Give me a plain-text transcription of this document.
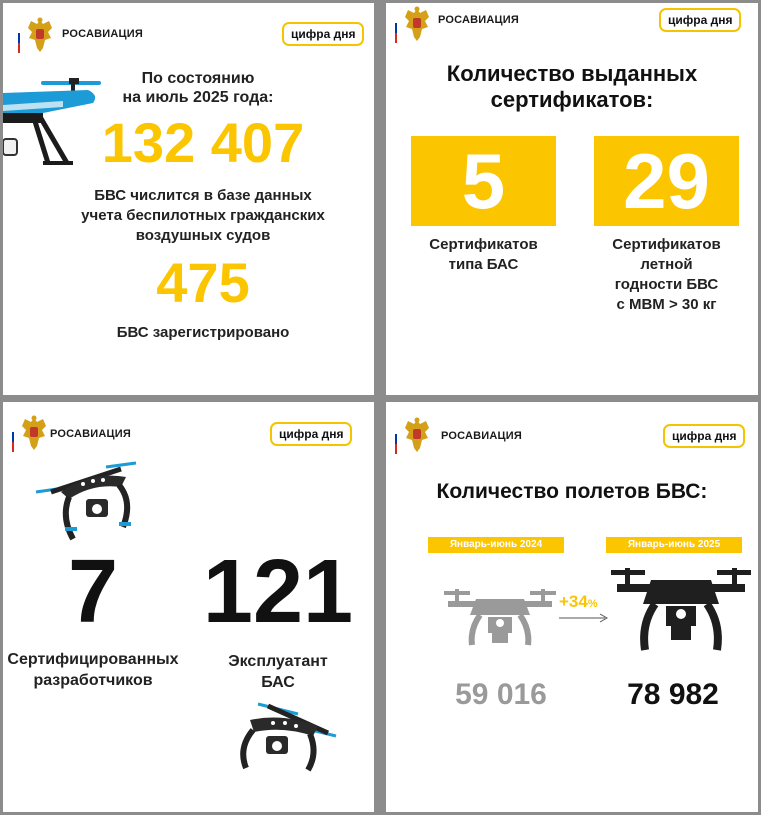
РОСАВИАЦИЯ	цифра дня
По состоянию
на июль 2025 года:
132 407
БВС числится в базе данных
учета беспилотных гражданских
воздушных судов
475
БВС зарегистрировано
РОСАВИАЦИЯ	цифра дня
Количество выданных
сертификатов:
5
Сертификатов
типа БАС
29
Сертификатов
летной
годности БВС
с МВМ > 30 кг
РОСАВИАЦИЯ	цифра дня
7
Сертифицированных
разработчиков
121
Эксплуатант
БАС
РОСАВИАЦИЯ	цифра дня
Количество полетов БВС:
Январь-июнь 2024	Январь-июнь 2025
+34%
59 016	78 982
